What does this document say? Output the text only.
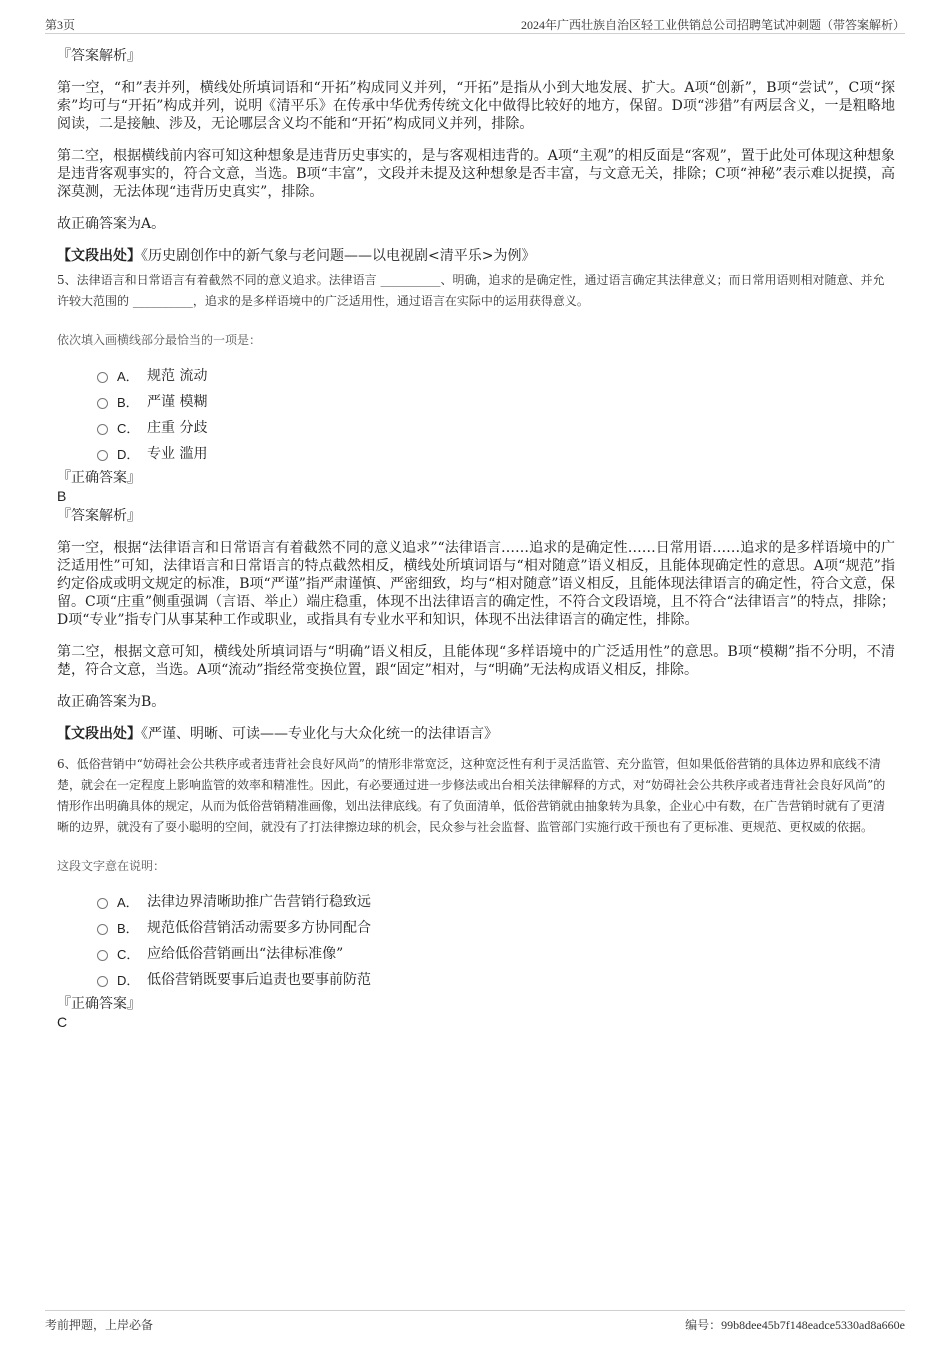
第3页	2024年广西壮族自治区轻工业供销总公司招聘笔试冲刺题（带答案解析）

『答案解析』

第一空，“和”表并列，横线处所填词语和“开拓”构成同义并列，“开拓”是指从小到大地发展、扩大。A项“创新”，B项“尝试”，C项“探索”均可与“开拓”构成并列，说明《清平乐》在传承中华优秀传统文化中做得比较好的地方，保留。D项“涉猎”有两层含义，一是粗略地阅读，二是接触、涉及，无论哪层含义均不能和“开拓”构成同义并列，排除。

第二空，根据横线前内容可知这种想象是违背历史事实的，是与客观相违背的。A项“主观”的相反面是“客观”，置于此处可体现这种想象是违背客观事实的，符合文意，当选。B项“丰富”，文段并未提及这种想象是否丰富，与文意无关，排除；C项“神秘”表示难以捉摸，高深莫测，无法体现“违背历史真实”，排除。

故正确答案为A。

【文段出处】《历史剧创作中的新气象与老问题——以电视剧<清平乐>为例》

5、法律语言和日常语言有着截然不同的意义追求。法律语言 __________、明确，追求的是确定性，通过语言确定其法律意义；而日常用语则相对随意、并允许较大范围的 __________，追求的是多样语境中的广泛适用性，通过语言在实际中的运用获得意义。

依次填入画横线部分最恰当的一项是：

A． 规范 流动
B． 严谨 模糊
C． 庄重 分歧
D． 专业 滥用

『正确答案』

B

『答案解析』

第一空，根据“法律语言和日常语言有着截然不同的意义追求”“法律语言……追求的是确定性……日常用语……追求的是多样语境中的广泛适用性”可知，法律语言和日常语言的特点截然相反，横线处所填词语与“相对随意”语义相反，且能体现确定性的意思。A项“规范”指约定俗成或明文规定的标准，B项“严谨”指严肃谨慎、严密细致，均与“相对随意”语义相反，且能体现法律语言的确定性，符合文意，保留。C项“庄重”侧重强调（言语、举止）端庄稳重，体现不出法律语言的确定性，不符合文段语境，且不符合“法律语言”的特点，排除；D项“专业”指专门从事某种工作或职业，或指具有专业水平和知识，体现不出法律语言的确定性，排除。

第二空，根据文意可知，横线处所填词语与“明确”语义相反，且能体现“多样语境中的广泛适用性”的意思。B项“模糊”指不分明，不清楚，符合文意，当选。A项“流动”指经常变换位置，跟“固定”相对，与“明确”无法构成语义相反，排除。

故正确答案为B。

【文段出处】《严谨、明晰、可读——专业化与大众化统一的法律语言》

6、低俗营销中“妨碍社会公共秩序或者违背社会良好风尚”的情形非常宽泛，这种宽泛性有利于灵活监管、充分监管，但如果低俗营销的具体边界和底线不清楚，就会在一定程度上影响监管的效率和精准性。因此，有必要通过进一步修法或出台相关法律解释的方式，对“妨碍社会公共秩序或者违背社会良好风尚”的情形作出明确具体的规定，从而为低俗营销精准画像，划出法律底线。有了负面清单，低俗营销就由抽象转为具象，企业心中有数，在广告营销时就有了更清晰的边界，就没有了耍小聪明的空间，就没有了打法律擦边球的机会，民众参与社会监督、监管部门实施行政干预也有了更标准、更规范、更权威的依据。

这段文字意在说明：

A． 法律边界清晰助推广告营销行稳致远
B． 规范低俗营销活动需要多方协同配合
C． 应给低俗营销画出“法律标准像”
D． 低俗营销既要事后追责也要事前防范

『正确答案』

C

考前押题，上岸必备	编号：99b8dee45b7f148eadce5330ad8a660e
